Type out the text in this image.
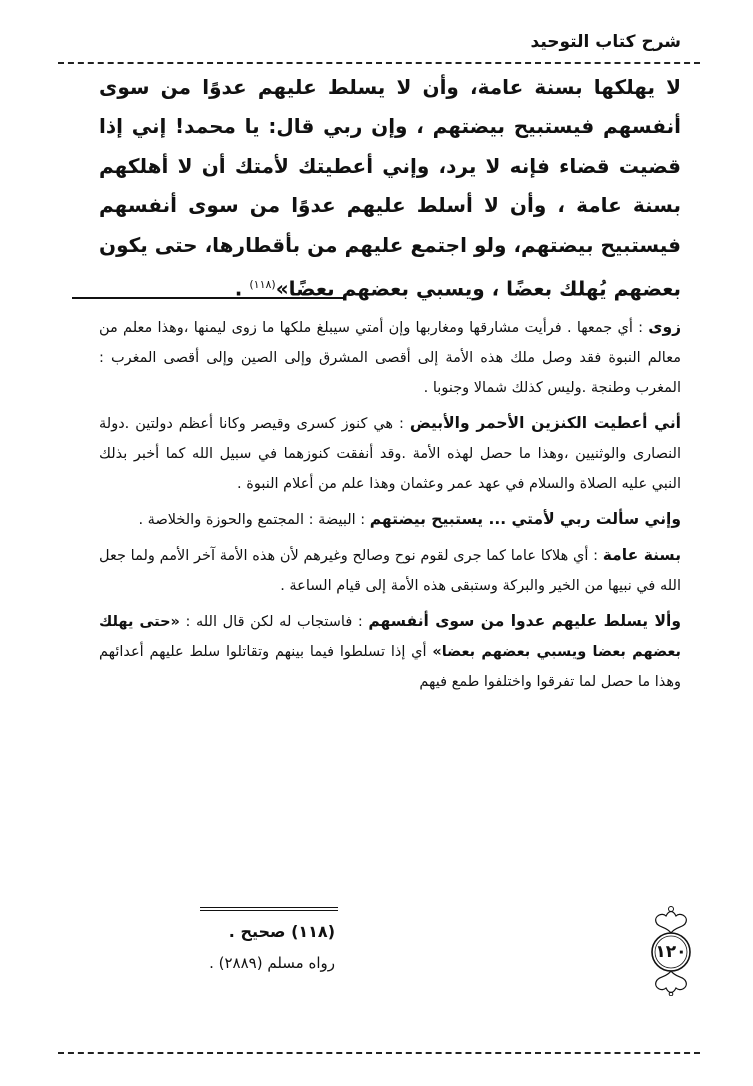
شرح كتاب التوحيد

لا يهلكها بسنة عامة، وأن لا يسلط عليهم عدوًا من سوى أنفسهم فيستبيح بيضتهم ، وإن ربي قال: يا محمد! إني إذا قضيت قضاء فإنه لا يرد، وإني أعطيتك لأمتك أن لا أهلكهم بسنة عامة ، وأن لا أسلط عليهم عدوًا من سوى أنفسهم فيستبيح بيضتهم، ولو اجتمع عليهم من بأقطارها، حتى يكون بعضهم يُهلك بعضًا ، ويسبي بعضهم بعضًا»$^{(١١٨)}$ .

زوى : أي جمعها . فرأيت مشارقها ومغاربها وإن أمتي سيبلغ ملكها ما زوى ليمنها ،وهذا معلم من معالم النبوة فقد وصل ملك هذه الأمة إلى أقصى المشرق وإلى الصين وإلى أقصى المغرب : المغرب وطنجة .وليس كذلك شمالا وجنوبا .

أني أعطيت الكنزين الأحمر والأبيض : هي كنوز كسرى وقيصر وكانا أعظم دولتين .دولة النصارى والوثنيين ،وهذا ما حصل لهذه الأمة .وقد أنفقت كنوزهما في سبيل الله كما أخبر بذلك النبي عليه الصلاة والسلام في عهد عمر وعثمان وهذا علم من أعلام النبوة .

وإني سألت ربي لأمتي ... يستبيح بيضتهم : البيضة : المجتمع والحوزة والخلاصة .

بسنة عامة : أي هلاكا عاما كما جرى لقوم نوح وصالح وغيرهم لأن هذه الأمة آخر الأمم ولما جعل الله في نبيها من الخير والبركة وستبقى هذه الأمة إلى قيام الساعة .

وألا يسلط عليهم عدوا من سوى أنفسهم : فاستجاب له لكن قال الله : «حتى يهلك بعضهم بعضا ويسبي بعضهم بعضا» أي إذا تسلطوا فيما بينهم وتقاتلوا سلط عليهم أعدائهم وهذا ما حصل لما تفرقوا واختلفوا طمع فيهم

(١١٨) صحيح .
رواه مسلم (٢٨٨٩) .
١٢٠
